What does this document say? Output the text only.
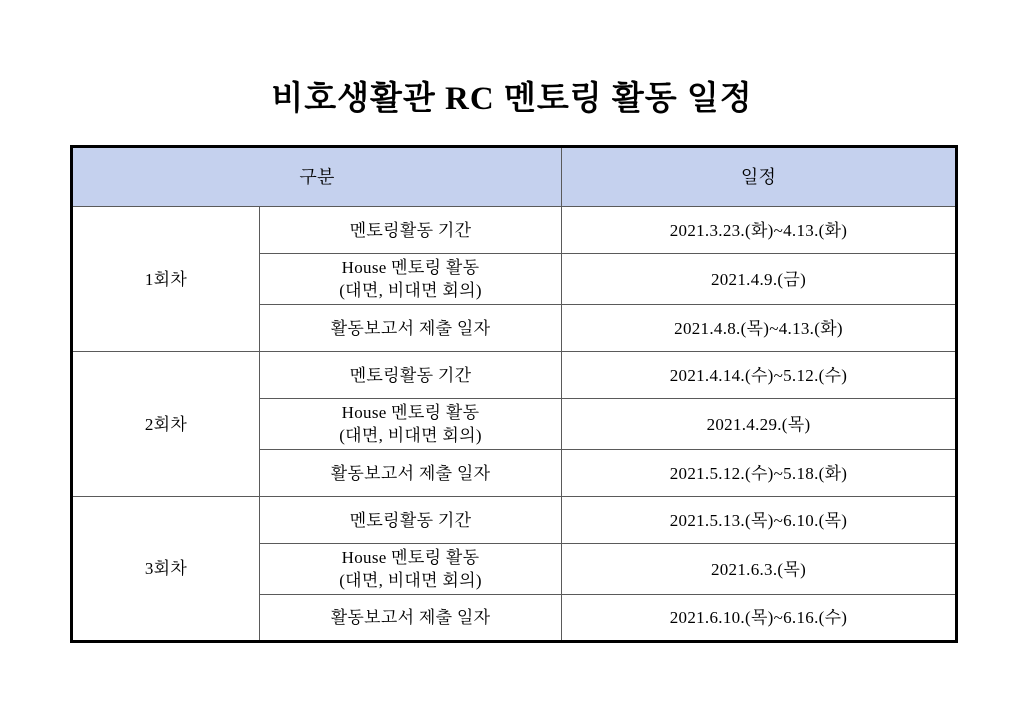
비호생활관 RC 멘토링 활동 일정
구분		일정
1회차	멘토링활동 기간	2021.3.23.(화)~4.13.(화)

	House 멘토링 활동
(대면, 비대면 회의)	2021.4.9.(금)

	활동보고서 제출 일자	2021.4.8.(목)~4.13.(화)
2회차	멘토링활동 기간	2021.4.14.(수)~5.12.(수)

	House 멘토링 활동
(대면, 비대면 회의)	2021.4.29.(목)

	활동보고서 제출 일자	2021.5.12.(수)~5.18.(화)
3회차	멘토링활동 기간	2021.5.13.(목)~6.10.(목)

	House 멘토링 활동
(대면, 비대면 회의)	2021.6.3.(목)

	활동보고서 제출 일자	2021.6.10.(목)~6.16.(수)
